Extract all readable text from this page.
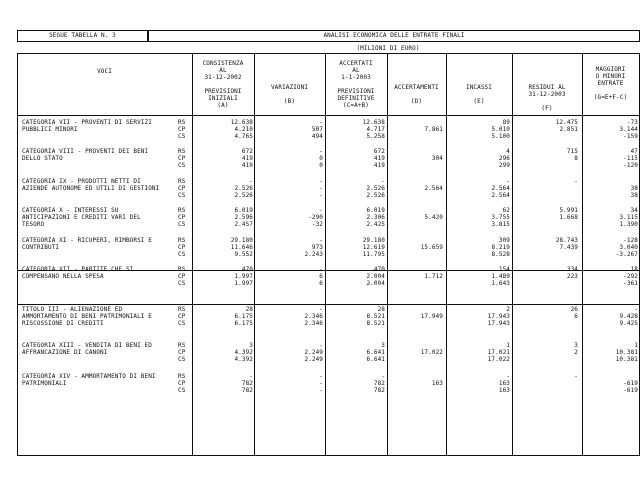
SEGUE TABELLA N. 3	ANALISI ECONOMICA DELLE ENTRATE FINALI
(MILIONI DI EURO)
VOCI
CONSISTENZA
AL
31-12-2002

PREVISIONI
INIZIALI
(A)
VARIAZIONI

(B)
ACCERTATI
AL
1-1-2003

PREVISIONI
DEFINITIVE
(C=A+B)
ACCERTAMENTI

(D)
INCASSI

(E)
RESIDUI AL
31-12-2003

(F)
MAGGIORI
O MINORI
ENTRATE

(G=E+F-C)
CATEGORIA VII - PROVENTI DI SERVIZI
PUBBLICI MINORI
RS
CP
CS
12.638
4.210
4.765
-
507
494
12.638
4.717
5.258
7.861
89
5.010
5.100
12.475
2.851
-73
3.144
-159
CATEGORIA VIII - PROVENTI DEI BENI
DELLO STATO
RS
CP
CS
672
419
419
-
0
0
672
419
419
304
4
296
299
715
8
47
-115
-120
CATEGORIA IX - PRODOTTI NETTI DI
AZIENDE AUTONOME ED UTILI DI GESTIONI
RS
CP
CS
-
2.526
2.526
-
-
-
-
2.526
2.526
2.564
-
2.564
2.564
-
38
38
CATEGORIA X - INTERESSI SU
ANTICIPAZIONI E CREDITI VARI DEL
TESORO
RS
CP
CS
6.019
2.596
2.457
-
-290
-32
6.019
2.306
2.425
5.420
62
3.755
3.815
5.991
1.668
34
3.115
1.390
CATEGORIA XI - RICUPERI, RIMBORSI E
CONTRIBUTI
RS
CP
CS
29.180
11.646
9.552
-
973
2.243
29.180
12.619
11.795
15.659
309
8.219
8.528
28.743
7.439
-128
3.040
-3.267
CATEGORIA XII - PARTITE CHE SI
COMPENSANO NELLA SPESA
RS
CP
CS
470
1.997
1.997
-
6
6
470
2.004
2.004
1.712
154
1.489
1.643
334
223
18
-292
-361
TITOLO III - ALIENAZIONE ED
AMMORTAMENTO DI BENI PATRIMONIALI E
RISCOSSIONE DI CREDITI
RS
CP
CS
28
6.175
6.175
-
2.346
2.346
28
8.521
8.521
17.949
2
17.943
17.943
26
6
-
9.428
9.425
CATEGORIA XIII - VENDITA DI BENI ED
AFFRANCAZIONE DI CANONI
RS
CP
CS
3
4.392
4.392
-
2.249
2.249
3
6.641
6.641
17.022
1
17.021
17.022
3
2
1
10.381
10.381
CATEGORIA XIV - AMMORTAMENTO DI BENI
PATRIMONIALI
RS
CP
CS
-
782
782
-
-
-
-
782
782
163
-
163
163
-
-619
-619
